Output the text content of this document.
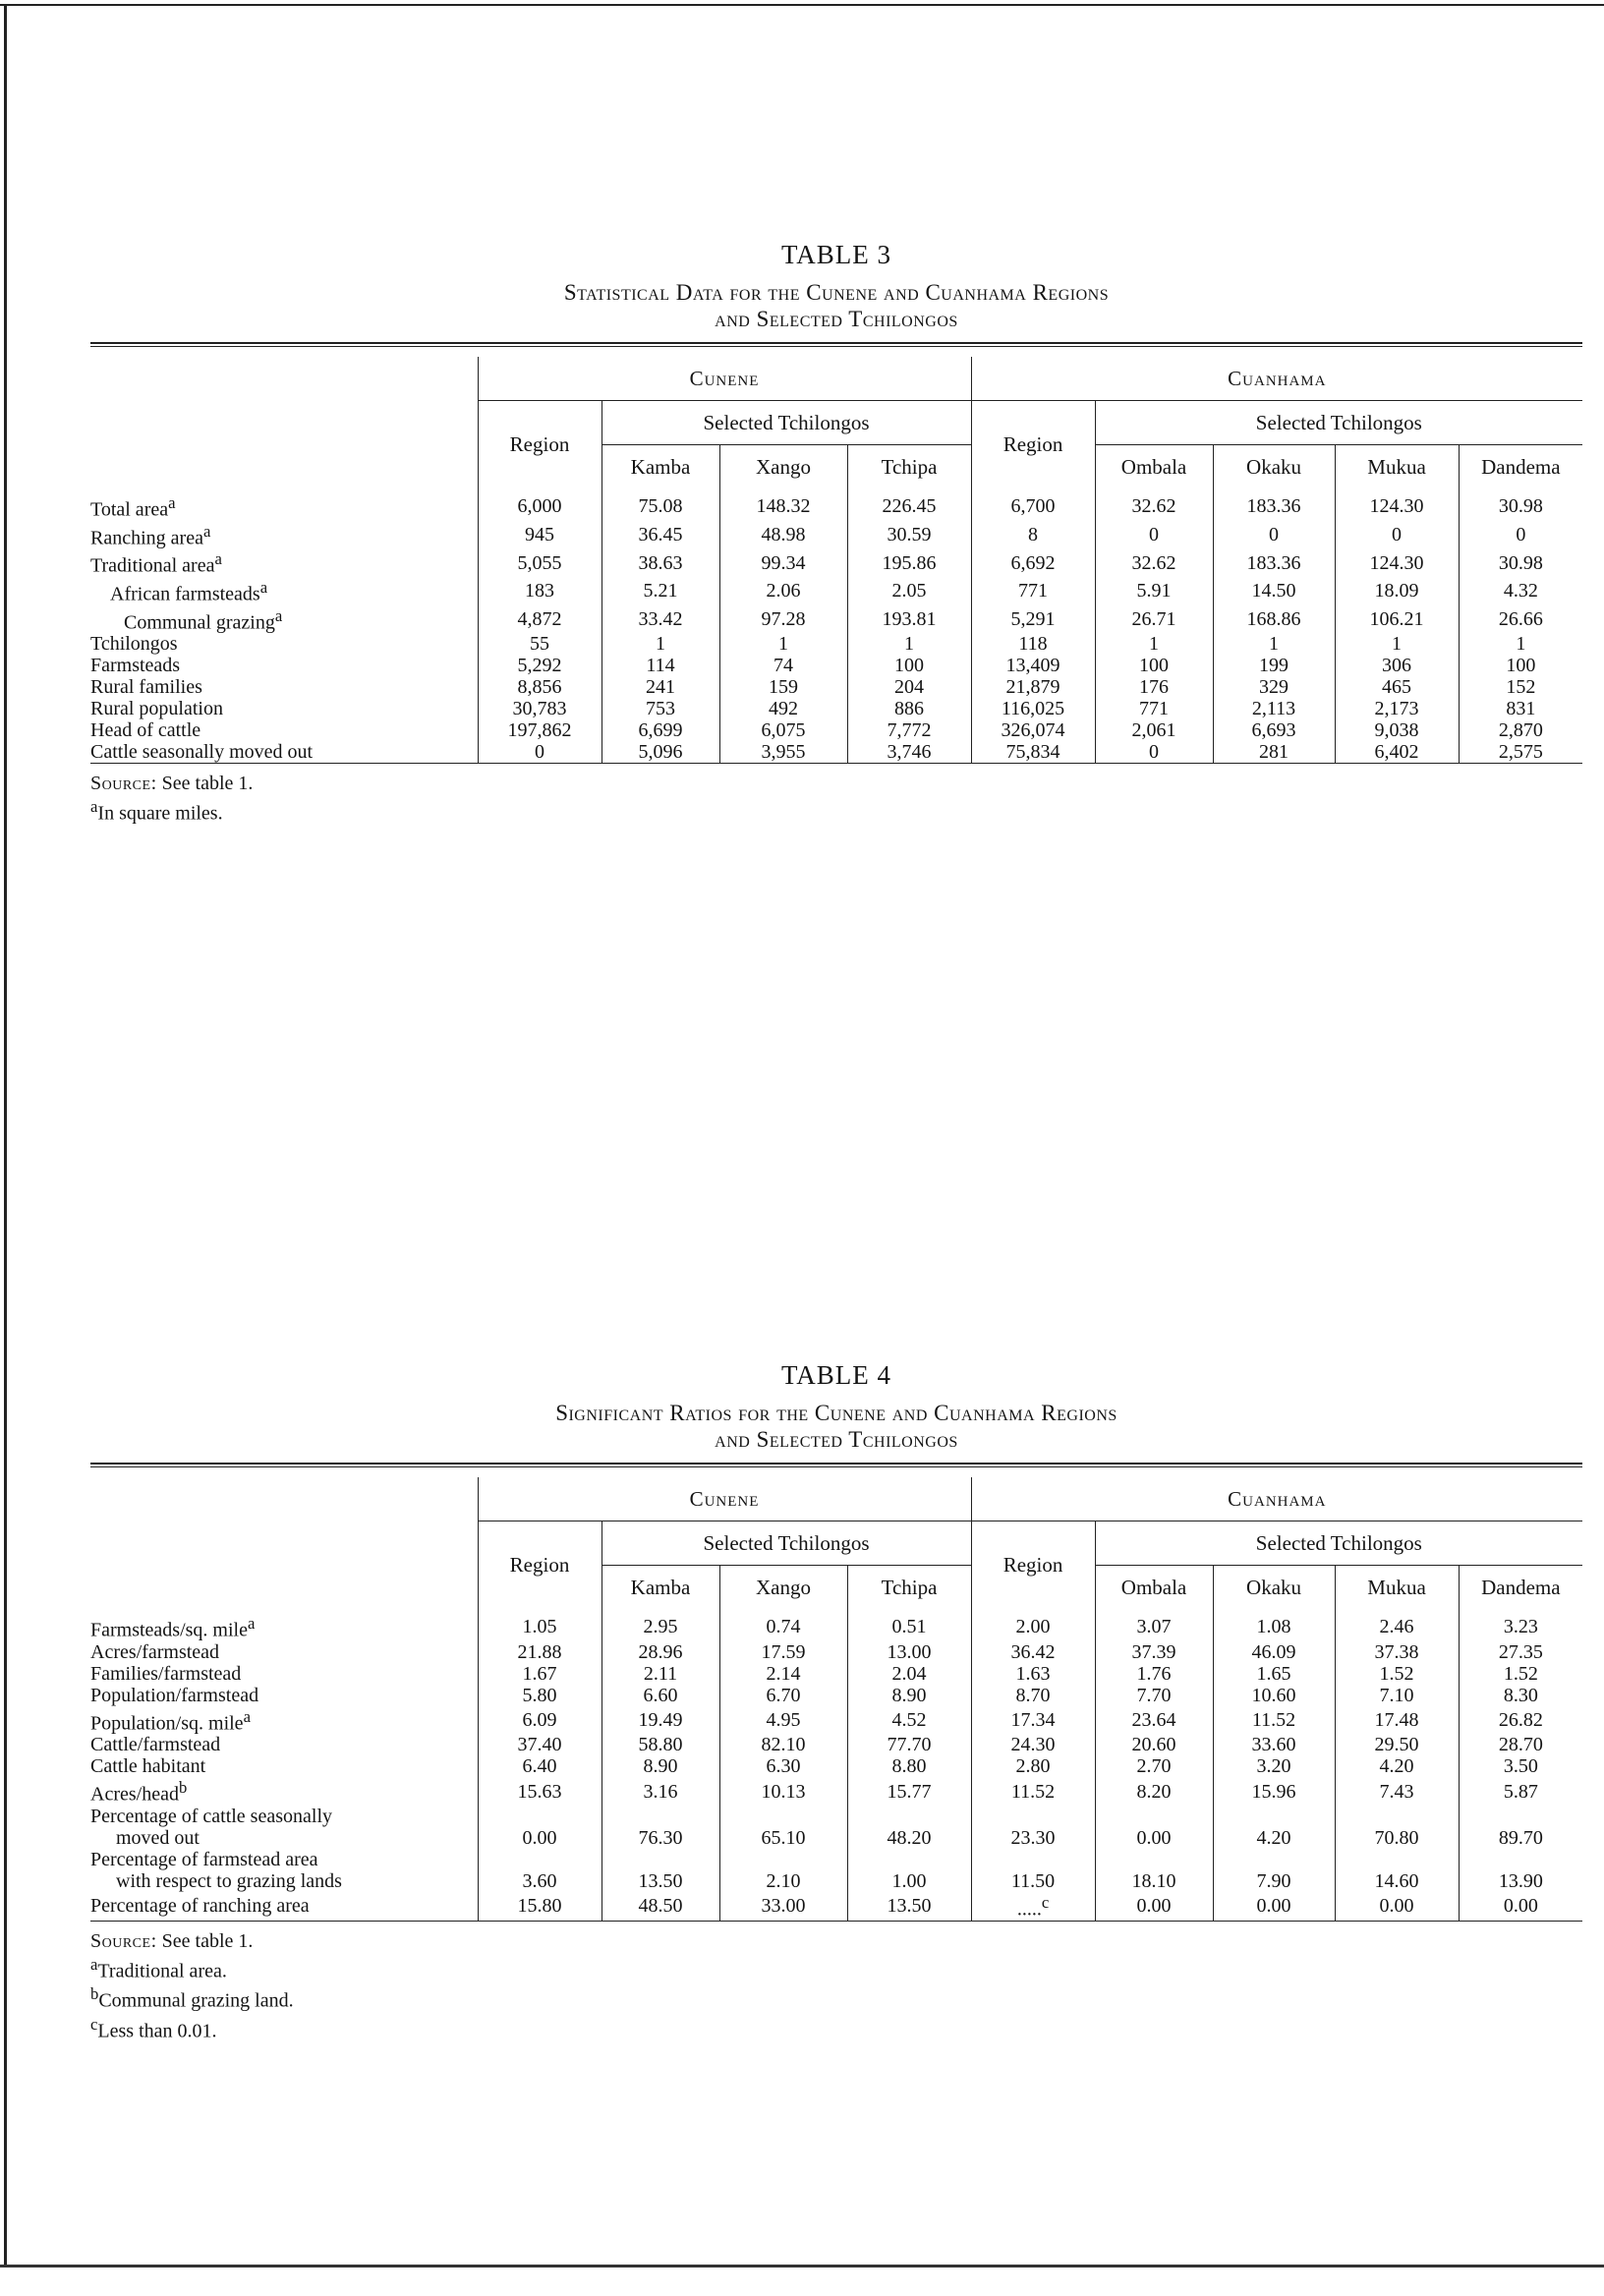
TABLE 3
Statistical Data for the Cunene and Cuanhama Regions
and Selected Tchilongos
	Cunene				Cuanhama				
	Region	Selected Tchilongos			Region	Selected Tchilongos			
		Kamba	Xango	Tchipa		Ombala	Okaku	Mukua	Dandema
Total area$^a$	6,000	75.08	148.32	226.45	6,700	32.62	183.36	124.30	30.98
Ranching area$^a$	945	36.45	48.98	30.59	8	0	0	0	0
Traditional area$^a$	5,055	38.63	99.34	195.86	6,692	32.62	183.36	124.30	30.98
African farmsteads$^a$	183	5.21	2.06	2.05	771	5.91	14.50	18.09	4.32
Communal grazing$^a$	4,872	33.42	97.28	193.81	5,291	26.71	168.86	106.21	26.66
Tchilongos	55	1	1	1	118	1	1	1	1
Farmsteads	5,292	114	74	100	13,409	100	199	306	100
Rural families	8,856	241	159	204	21,879	176	329	465	152
Rural population	30,783	753	492	886	116,025	771	2,113	2,173	831
Head of cattle	197,862	6,699	6,075	7,772	326,074	2,061	6,693	9,038	2,870
Cattle seasonally moved out	0	5,096	3,955	3,746	75,834	0	281	6,402	2,575
Source: See table 1.
$^a$In square miles.
TABLE 4
Significant Ratios for the Cunene and Cuanhama Regions
and Selected Tchilongos
	Cunene				Cuanhama				
	Region	Selected Tchilongos			Region	Selected Tchilongos			
		Kamba	Xango	Tchipa		Ombala	Okaku	Mukua	Dandema
Farmsteads/sq. mile$^a$	1.05	2.95	0.74	0.51	2.00	3.07	1.08	2.46	3.23
Acres/farmstead	21.88	28.96	17.59	13.00	36.42	37.39	46.09	37.38	27.35
Families/farmstead	1.67	2.11	2.14	2.04	1.63	1.76	1.65	1.52	1.52
Population/farmstead	5.80	6.60	6.70	8.90	8.70	7.70	10.60	7.10	8.30
Population/sq. mile$^a$	6.09	19.49	4.95	4.52	17.34	23.64	11.52	17.48	26.82
Cattle/farmstead	37.40	58.80	82.10	77.70	24.30	20.60	33.60	29.50	28.70
Cattle habitant	6.40	8.90	6.30	8.80	2.80	2.70	3.20	4.20	3.50
Acres/head$^b$	15.63	3.16	10.13	15.77	11.52	8.20	15.96	7.43	5.87
Percentage of cattle seasonally									
moved out	0.00	76.30	65.10	48.20	23.30	0.00	4.20	70.80	89.70
Percentage of farmstead area									
with respect to grazing lands	3.60	13.50	2.10	1.00	11.50	18.10	7.90	14.60	13.90
Percentage of ranching area	15.80	48.50	33.00	13.50	.....$^c$	0.00	0.00	0.00	0.00
Source: See table 1.
$^a$Traditional area.
$^b$Communal grazing land.
$^c$Less than 0.01.
